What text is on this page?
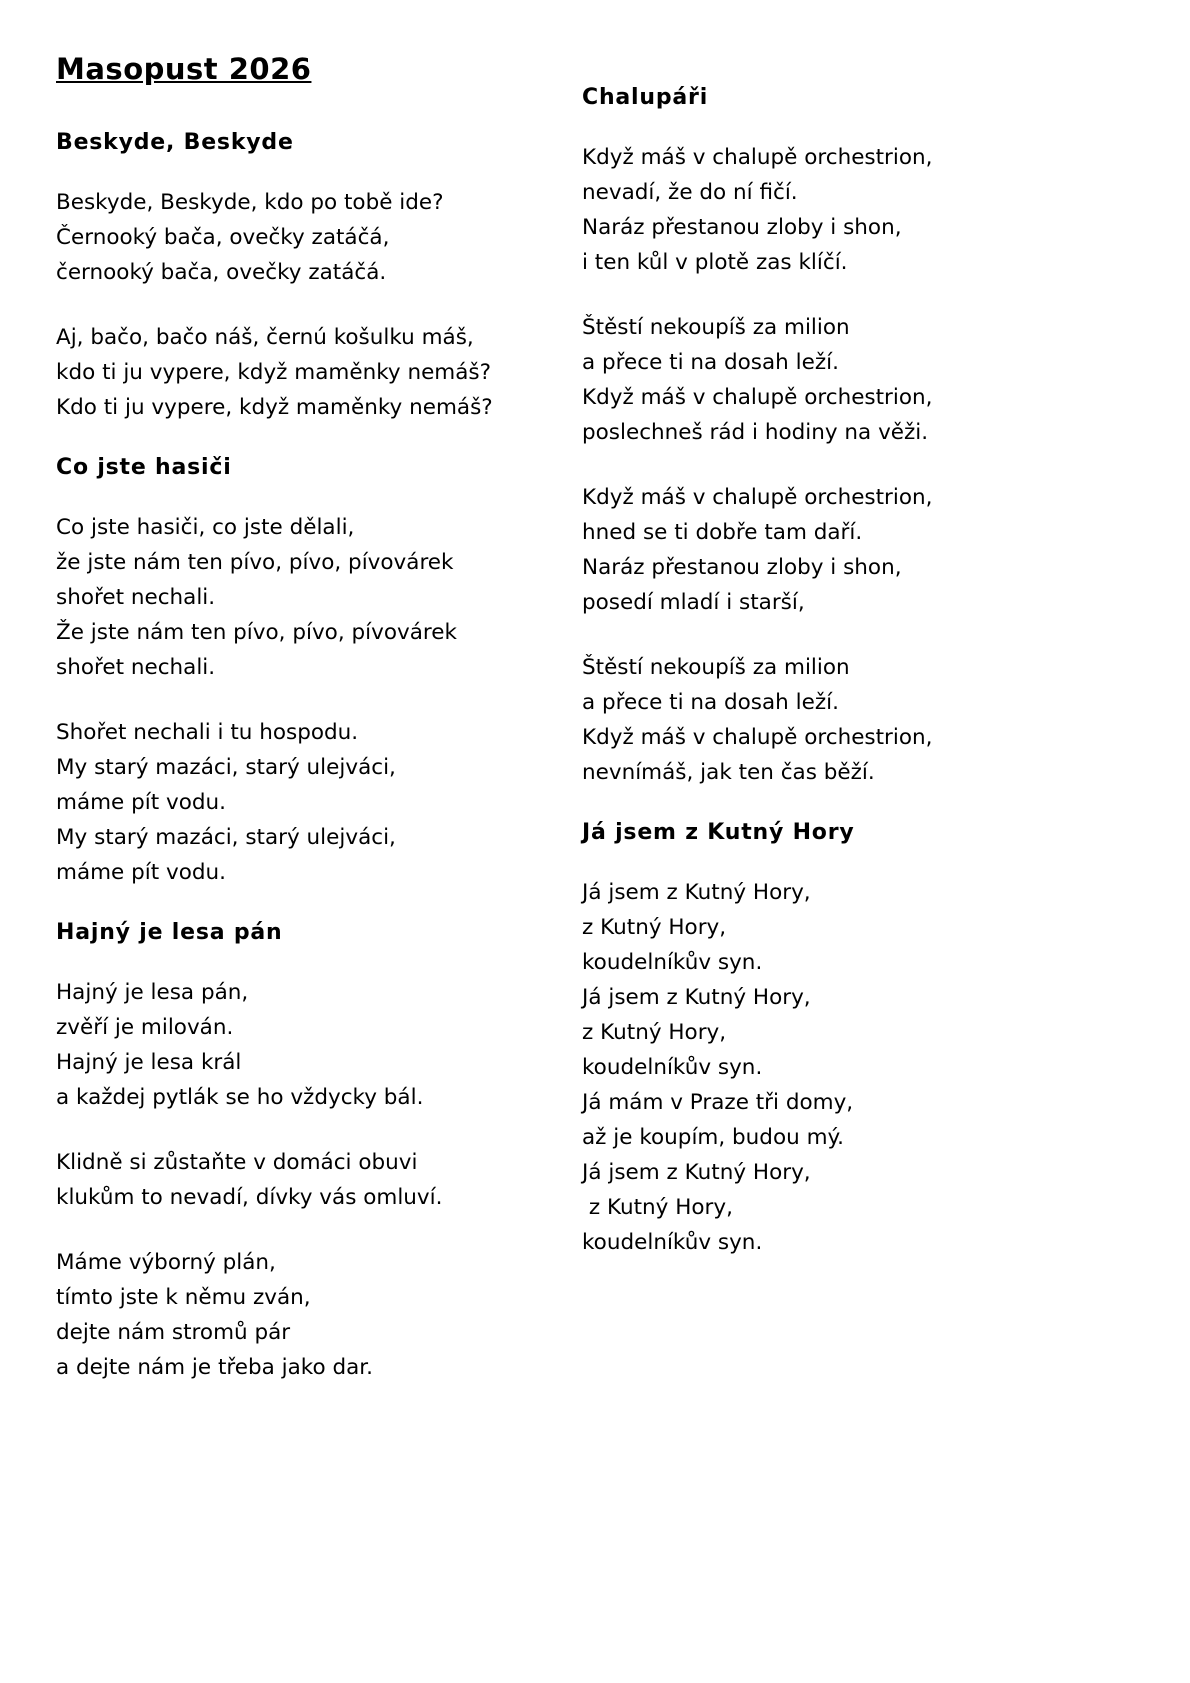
Masopust 2026
Beskyde, Beskyde
Beskyde, Beskyde, kdo po tobě ide?
Černooký bača, ovečky zatáčá,
černooký bača, ovečky zatáčá.
Aj, bačo, bačo náš, černú košulku máš,
kdo ti ju vypere, když maměnky nemáš?
Kdo ti ju vypere, když maměnky nemáš?
Co jste hasiči
Co jste hasiči, co jste dělali,
že jste nám ten pívo, pívo, pívovárek
shořet nechali.
Že jste nám ten pívo, pívo, pívovárek
shořet nechali.
Shořet nechali i tu hospodu.
My starý mazáci, starý ulejváci,
máme pít vodu.
My starý mazáci, starý ulejváci,
máme pít vodu.
Hajný je lesa pán
Hajný je lesa pán,
zvěří je milován.
Hajný je lesa král
a každej pytlák se ho vždycky bál.
Klidně si zůstaňte v domáci obuvi
klukům to nevadí, dívky vás omluví.
Máme výborný plán,
tímto jste k němu zván,
dejte nám stromů pár
a dejte nám je třeba jako dar.
Chalupáři
Když máš v chalupě orchestrion,
nevadí, že do ní fičí.
Naráz přestanou zloby i shon,
i ten kůl v plotě zas klíčí.
Štěstí nekoupíš za milion
a přece ti na dosah leží.
Když máš v chalupě orchestrion,
poslechneš rád i hodiny na věži.
Když máš v chalupě orchestrion,
hned se ti dobře tam daří.
Naráz přestanou zloby i shon,
posedí mladí i starší,
Štěstí nekoupíš za milion
a přece ti na dosah leží.
Když máš v chalupě orchestrion,
nevnímáš, jak ten čas běží.
Já jsem z Kutný Hory
Já jsem z Kutný Hory,
z Kutný Hory,
koudelníkův syn.
Já jsem z Kutný Hory,
z Kutný Hory,
koudelníkův syn.
Já mám v Praze tři domy,
až je koupím, budou mý.
Já jsem z Kutný Hory,
z Kutný Hory,
koudelníkův syn.
